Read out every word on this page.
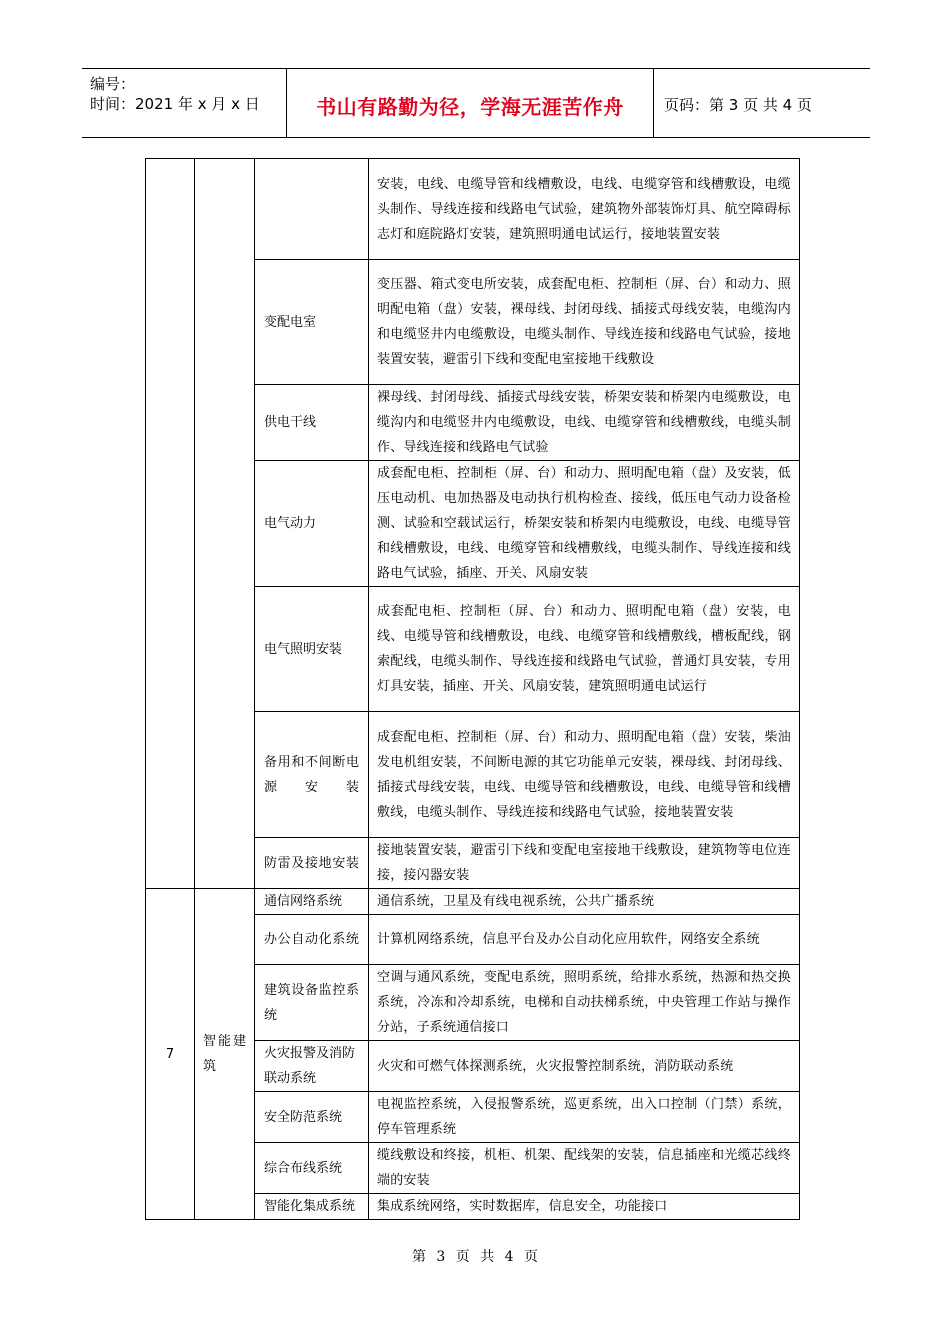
编号：
时间：2021 年 x 月 x 日	书山有路勤为径，学海无涯苦作舟	页码：第 3 页 共 4 页
			安装，电线、电缆导管和线槽敷设，电线、电缆穿管和线槽敷设，电缆头制作、导线连接和线路电气试验，建筑物外部装饰灯具、航空障碍标志灯和庭院路灯安装，建筑照明通电试运行，接地装置安装
		变配电室	变压器、箱式变电所安装，成套配电柜、控制柜（屏、台）和动力、照明配电箱（盘）安装，裸母线、封闭母线、插接式母线安装，电缆沟内和电缆竖井内电缆敷设，电缆头制作、导线连接和线路电气试验，接地装置安装，避雷引下线和变配电室接地干线敷设
		供电干线	裸母线、封闭母线、插接式母线安装，桥架安装和桥架内电缆敷设，电缆沟内和电缆竖井内电缆敷设，电线、电缆穿管和线槽敷线，电缆头制作、导线连接和线路电气试验
		电气动力	成套配电柜、控制柜（屏、台）和动力、照明配电箱（盘）及安装，低压电动机、电加热器及电动执行机构检查、接线，低压电气动力设备检测、试验和空载试运行，桥架安装和桥架内电缆敷设，电线、电缆导管和线槽敷设，电线、电缆穿管和线槽敷线，电缆头制作、导线连接和线路电气试验，插座、开关、风扇安装
		电气照明安装	成套配电柜、控制柜（屏、台）和动力、照明配电箱（盘）安装，电线、电缆导管和线槽敷设，电线、电缆穿管和线槽敷线，槽板配线，钢索配线，电缆头制作、导线连接和线路电气试验，普通灯具安装，专用灯具安装，插座、开关、风扇安装，建筑照明通电试运行
		备用和不间断电源安装	成套配电柜、控制柜（屏、台）和动力、照明配电箱（盘）安装，柴油发电机组安装，不间断电源的其它功能单元安装，裸母线、封闭母线、插接式母线安装，电线、电缆导管和线槽敷设，电线、电缆导管和线槽敷线，电缆头制作、导线连接和线路电气试验，接地装置安装
		防雷及接地安装	接地装置安装，避雷引下线和变配电室接地干线敷设，建筑物等电位连接，接闪器安装
7	智能建筑	通信网络系统	通信系统，卫星及有线电视系统，公共广播系统
		办公自动化系统	计算机网络系统，信息平台及办公自动化应用软件，网络安全系统
		建筑设备监控系统	空调与通风系统，变配电系统，照明系统，给排水系统，热源和热交换系统，冷冻和冷却系统，电梯和自动扶梯系统，中央管理工作站与操作分站，子系统通信接口
		火灾报警及消防联动系统	火灾和可燃气体探测系统，火灾报警控制系统，消防联动系统
		安全防范系统	电视监控系统，入侵报警系统，巡更系统，出入口控制（门禁）系统，停车管理系统
		综合布线系统	缆线敷设和终接，机柜、机架、配线架的安装，信息插座和光缆芯线终端的安装
		智能化集成系统	集成系统网络，实时数据库，信息安全，功能接口
第 3 页 共 4 页
